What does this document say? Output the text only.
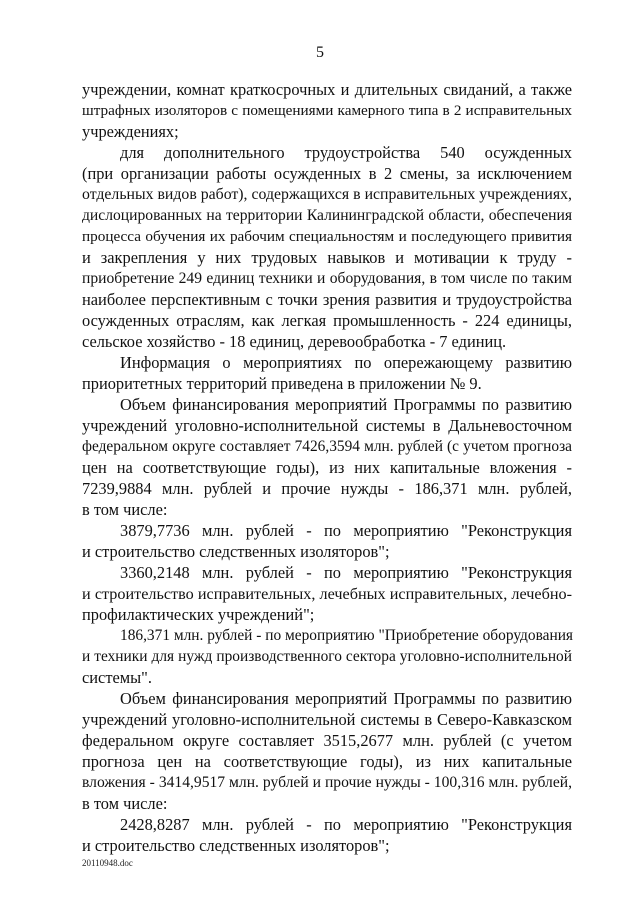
5
учреждении, комнат краткосрочных и длительных свиданий, а также
штрафных изоляторов с помещениями камерного типа в 2 исправительных
учреждениях;
для дополнительного трудоустройства 540 осужденных
(при организации работы осужденных в 2 смены, за исключением
отдельных видов работ), содержащихся в исправительных учреждениях,
дислоцированных на территории Калининградской области, обеспечения
процесса обучения их рабочим специальностям и последующего привития
и закрепления у них трудовых навыков и мотивации к труду -
приобретение 249 единиц техники и оборудования, в том числе по таким
наиболее перспективным с точки зрения развития и трудоустройства
осужденных отраслям, как легкая промышленность - 224 единицы,
сельское хозяйство - 18 единиц, деревообработка - 7 единиц.
Информация о мероприятиях по опережающему развитию
приоритетных территорий приведена в приложении № 9.
Объем финансирования мероприятий Программы по развитию
учреждений уголовно-исполнительной системы в Дальневосточном
федеральном округе составляет 7426,3594 млн. рублей (с учетом прогноза
цен на соответствующие годы), из них капитальные вложения -
7239,9884 млн. рублей и прочие нужды - 186,371 млн. рублей,
в том числе:
3879,7736 млн. рублей - по мероприятию "Реконструкция
и строительство следственных изоляторов";
3360,2148 млн. рублей - по мероприятию "Реконструкция
и строительство исправительных, лечебных исправительных, лечебно-
профилактических учреждений";
186,371 млн. рублей - по мероприятию "Приобретение оборудования
и техники для нужд производственного сектора уголовно-исполнительной
системы".
Объем финансирования мероприятий Программы по развитию
учреждений уголовно-исполнительной системы в Северо-Кавказском
федеральном округе составляет 3515,2677 млн. рублей (с учетом
прогноза цен на соответствующие годы), из них капитальные
вложения - 3414,9517 млн. рублей и прочие нужды - 100,316 млн. рублей,
в том числе:
2428,8287 млн. рублей - по мероприятию "Реконструкция
и строительство следственных изоляторов";
20110948.doc
